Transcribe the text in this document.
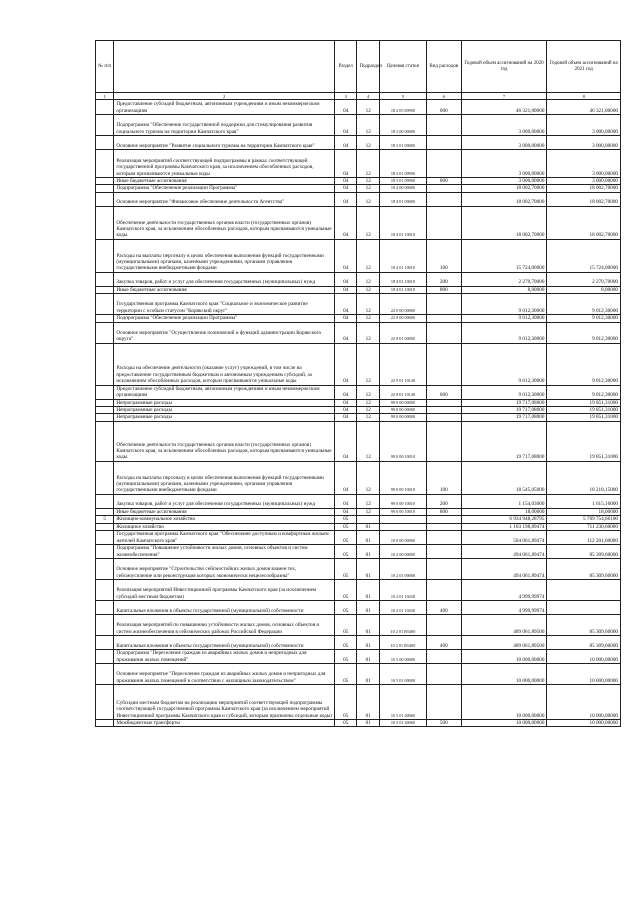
№ п/п		Раздел	Подраздел	Целевая статья	Вид расходов	Годовой объем ассигнований на 2020 год	Годовой объем ассигнований на 2021 год
1	2	3	4	5	6	7	8
	Предоставление субсидий бюджетным, автономным учреждениям и иным некоммерческим организациям	04	12	18 2 05 69990	600	46 321,00000	46 321,00000
	Подпрограмма "Обеспечение государственной поддержки для стимулирования развития социального туризма на территории Камчатского края"	04	12	18 3 00 00000		3 000,00000	3 000,00000
	Основное мероприятие "Развитие социального туризма на территории Камчатского края"	04	12	18 3 01 00000		3 000,00000	3 000,00000
	Реализация мероприятий соответствующей подпрограммы в рамках соответствующей государственной программы Камчатского края, за исключением обособленных расходов, которым присваиваются уникальные коды	04	12	18 3 01 09990		3 000,00000	3 000,00000
	Иные бюджетные ассигнования	04	12	18 3 01 09990	800	3 000,00000	3 000,00000
	Подпрограмма "Обеспечение реализации Программы"	04	12	18 4 00 00000		18 002,70000	18 002,70000
	Основное мероприятие "Финансовое обеспечение деятельности Агентства"	04	12	18 4 01 00000		18 002,70000	18 002,70000
	Обеспечение деятельности государственных органов власти (государственных органов) Камчатского края, за исключением обособленных расходов, которым присваиваются уникальные коды.	04	12	18 4 01 10010		18 002,70000	18 002,70000
	Расходы на выплаты персоналу в целях обеспечения выполнения функций государственными (муниципальными) органами, казенными учреждениями, органами управления государственными внебюджетными фондами	04	12	18 4 01 10010	100	15 724,00000	15 724,00000
	Закупка товаров, работ и услуг для обеспечения государственных (муниципальных) нужд	04	12	18 4 01 10010	200	2 270,70000	2 270,70000
	Иные бюджетные ассигнования	04	12	18 4 01 10010	800	8,00000	8,00000
	Государственная программа Камчатского края "Социальное и экономическое развитие территории с особым статусом "Корякский округ"	04	12	22 0 00 00000		9 012,30000	9 012,30000
	Подпрограмма "Обеспечение реализации Программы"	04	12	22 9 00 00000		9 012,30000	9 012,30000
	Основное мероприятие "Осуществление полномочий и функций администрации Корякского округа"	04	12	22 9 01 00000		9 012,30000	9 012,30000
	Расходы на обеспечение деятельности (оказание услуг) учреждений, в том числе на предоставление государственным бюджетным и автономным учреждениям субсидий, за исключением обособленных расходов, которым присваиваются уникальные коды	04	12	22 9 01 10140		9 012,30000	9 012,30000
	Предоставление субсидий бюджетным, автономным учреждениям и иным некоммерческим организациям	04	12	22 9 01 10140	600	9 012,30000	9 012,30000
	Непрограммные расходы	04	12	99 0 00 00000		19 717,08000	19 851,31000
	Непрограммные расходы	04	12	99 0 00 00000		19 717,08000	19 851,31000
	Непрограммные расходы	04	12	99 0 00 00000		19 717,08000	19 851,31000
	Обеспечение деятельности государственных органов власти (государственных органов) Камчатского края, за исключением обособленных расходов, которым присваиваются уникальные коды.	04	12	99 0 00 10010		19 717,08000	19 851,31000
	Расходы на выплаты персоналу в целях обеспечения выполнения функций государственными (муниципальными) органами, казенными учреждениями, органами управления государственными внебюджетными фондами	04	12	99 0 00 10010	100	18 545,05000	18 218,15000
	Закупка товаров, работ и услуг для обеспечения государственных (муниципальных) нужд	04	12	99 0 00 10010	200	1 154,03000	1 615,16000
	Иные бюджетные ассигнования	04	12	99 0 00 10010	800	18,00000	18,00000
5	Жилищно-коммунальное хозяйство	05				6 934 948,28795	5 789 754,66100
	Жилищное хозяйство	05	01			1 103 198,89474	711 230,60000
	Государственная программа Камчатского края "Обеспечение доступным и комфортным жильем жителей Камчатского края"	05	01	10 0 00 00000		504 061,89474	112 201,60000
	Подпрограмма "Повышение устойчивости жилых домов, основных объектов и систем жизнеобеспечения"	05	01	10 2 00 00000		494 061,89474	85 309,60000
	Основное мероприятие "Строительство сейсмостойких жилых домов взамен тех, сейсмоусиление или реконструкция которых экономически нецелесообразны"	05	01	10 2 01 00000		494 061,89474	85 309,60000
	Реализация мероприятий Инвестиционной программы Камчатского края (за исключением субсидий местным бюджетам)	05	01	10 2 01 10430		4 999,99974	
	Капитальные вложения в объекты государственной (муниципальной) собственности	05	01	10 2 01 10430	400	4 999,99974	
	Реализация мероприятий по повышению устойчивости жилых домов, основных объектов и систем жизнеобеспечения в сейсмических районах Российской Федерации	05	01	10 2 01 R5400		489 061,89500	85 309,60000
	Капитальные вложения в объекты государственной (муниципальной) собственности	05	01	10 2 01 R5400	400	489 061,89500	85 309,60000
	Подпрограмма "Переселение граждан из аварийных жилых домов и непригодных для проживания жилых помещений"	05	01	10 5 00 00000		10 000,00000	10 000,00000
	Основное мероприятие "Переселение граждан из аварийных жилых домов и непригодных для проживания жилых помещений в соответствии с жилищным законодательством"	05	01	10 5 01 00000		10 000,00000	10 000,00000
	Субсидии местным бюджетам на реализацию мероприятий соответствующей подпрограммы соответствующей государственной программы Камчатского края (за исключением мероприятий Инвестиционной программы Камчатского края и субсидий, которым присвоены отдельные коды)	05	01	10 5 01 40060		10 000,00000	10 000,00000
	Межбюджетные трансферты	05	01	10 5 01 40060	500	10 000,00000	10 000,00000
